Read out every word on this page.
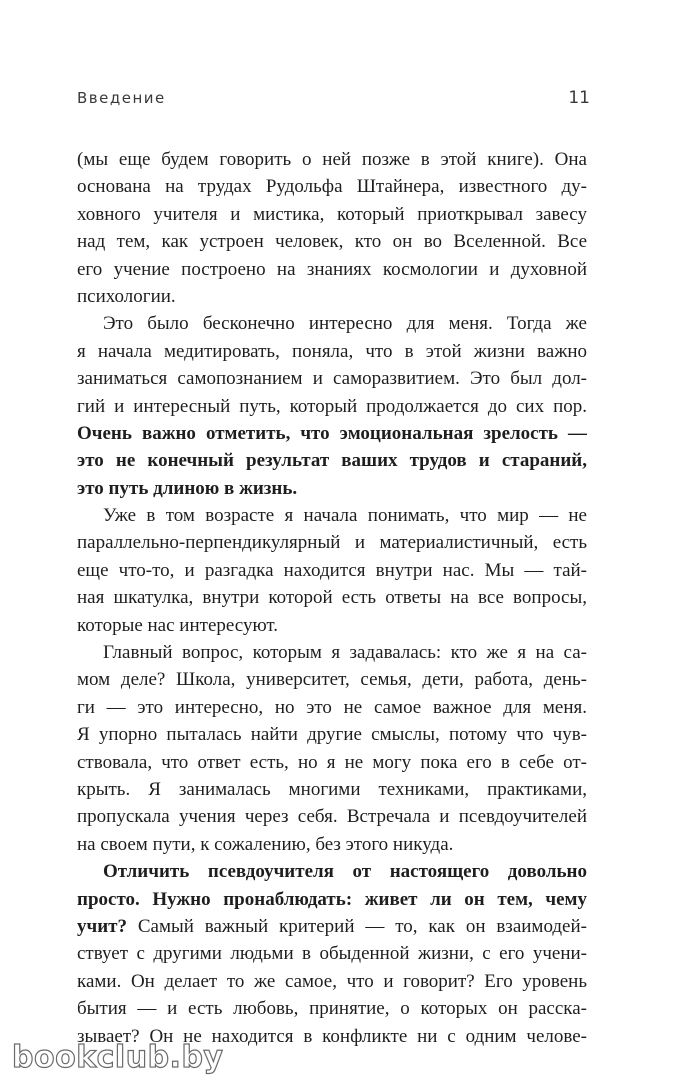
Введение	11
(мы еще будем говорить о ней позже в этой книге). Она
основана на трудах Рудольфа Штайнера, известного ду-
ховного учителя и мистика, который приоткрывал завесу
над тем, как устроен человек, кто он во Вселенной. Все
его учение построено на знаниях космологии и духовной
психологии.
Это было бесконечно интересно для меня. Тогда же
я начала медитировать, поняла, что в этой жизни важно
заниматься самопознанием и саморазвитием. Это был дол-
гий и интересный путь, который продолжается до сих пор.
Очень важно отметить, что эмоциональная зрелость —
это не конечный результат ваших трудов и стараний,
это путь длиною в жизнь.
Уже в том возрасте я начала понимать, что мир — не
параллельно-перпендикулярный и материалистичный, есть
еще что-то, и разгадка находится внутри нас. Мы — тай-
ная шкатулка, внутри которой есть ответы на все вопросы,
которые нас интересуют.
Главный вопрос, которым я задавалась: кто же я на са-
мом деле? Школа, университет, семья, дети, работа, день-
ги — это интересно, но это не самое важное для меня.
Я упорно пыталась найти другие смыслы, потому что чув-
ствовала, что ответ есть, но я не могу пока его в себе от-
крыть. Я занималась многими техниками, практиками,
пропускала учения через себя. Встречала и псевдоучителей
на своем пути, к сожалению, без этого никуда.
Отличить псевдоучителя от настоящего довольно
просто. Нужно пронаблюдать: живет ли он тем, чему
учит? Самый важный критерий — то, как он взаимодей-
ствует с другими людьми в обыденной жизни, с его учени-
ками. Он делает то же самое, что и говорит? Его уровень
бытия — и есть любовь, принятие, о которых он расска-
зывает? Он не находится в конфликте ни с одним челове-
bookclub.by
